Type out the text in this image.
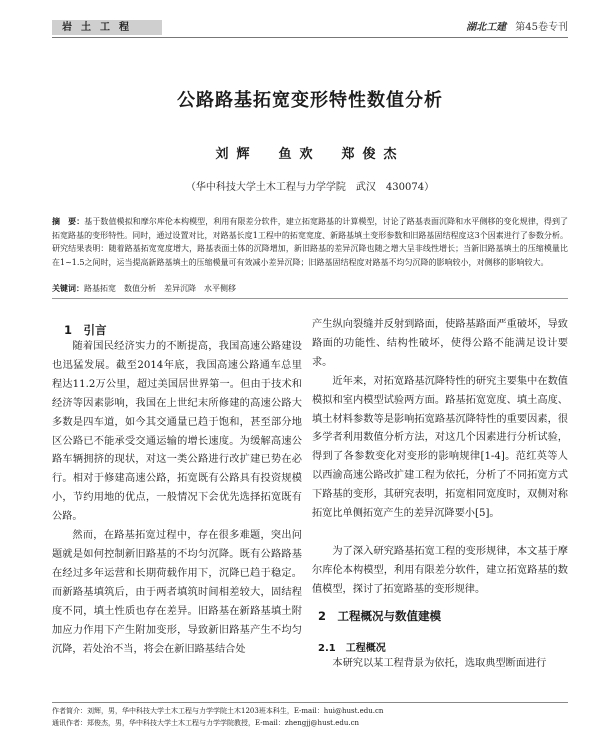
岩土工程	湖北工建 第45卷专刊
公路路基拓宽变形特性数值分析
刘辉　鱼欢　郑俊杰
（华中科技大学土木工程与力学学院　武汉　430074）
摘　要：基于数值模拟和摩尔库伦本构模型，利用有限差分软件，建立拓宽路基的计算模型，讨论了路基表面沉降和水平侧移的变化规律，得到了拓宽路基的变形特性。同时，通过设置对比，对路基长度1工程中的拓宽宽度、新路基填土变形参数和旧路基固结程度这3个因素进行了参数分析。研究结果表明：随着路基拓宽宽度增大，路基表面土体的沉降增加，新旧路基的差异沉降也随之增大呈非线性增长；当新旧路基填土的压缩模量比在1~1.5之间时，运当提高新路基填土的压缩模量可有效减小差异沉降；旧路基固结程度对路基不均匀沉降的影响较小，对侧移的影响较大。
关键词：路基拓宽　数值分析　差异沉降　水平侧移
1　引言

随着国民经济实力的不断提高，我国高速公路建设也迅猛发展。截至2014年底，我国高速公路通车总里程达11.2万公里，超过美国居世界第一。但由于技术和经济等因素影响，我国在上世纪末所修建的高速公路大多数是四车道，如今其交通量已趋于饱和，甚至部分地区公路已不能承受交通运输的增长速度。为缓解高速公路车辆拥挤的现状，对这一类公路进行改扩建已势在必行。相对于修建高速公路，拓宽既有公路具有投资规模小，节约用地的优点，一般情况下会优先选择拓宽既有公路。

然而，在路基拓宽过程中，存在很多难题，突出问题就是如何控制新旧路基的不均匀沉降。既有公路路基在经过多年运营和长期荷载作用下，沉降已趋于稳定。而新路基填筑后，由于两者填筑时间相差较大，固结程度不同，填土性质也存在差异。旧路基在新路基填土附加应力作用下产生附加变形，导致新旧路基产生不均匀沉降，若处治不当，将会在新旧路基结合处

产生纵向裂缝并反射到路面，使路基路面严重破坏，导致路面的功能性、结构性破坏，使得公路不能满足设计要求。

近年来，对拓宽路基沉降特性的研究主要集中在数值模拟和室内模型试验两方面。路基拓宽宽度、填土高度、填土材料参数等是影响拓宽路基沉降特性的重要因素，很多学者利用数值分析方法，对这几个因素进行分析试验，得到了各参数变化对变形的影响规律[1-4]。范红英等人以西渝高速公路改扩建工程为依托，分析了不同拓宽方式下路基的变形，其研究表明，拓宽相同宽度时，双侧对称拓宽比单侧拓宽产生的差异沉降要小[5]。

为了深入研究路基拓宽工程的变形规律，本文基于摩尔库伦本构模型，利用有限差分软件，建立拓宽路基的数值模型，探讨了拓宽路基的变形规律。

2　工程概况与数值建模
2.1　工程概况

本研究以某工程背景为依托，选取典型断面进行

作者简介：刘辉，男，华中科技大学土木工程与力学学院土木1203班本科生，E-mail：hui@hust.edu.cn
通讯作者：郑俊杰，男，华中科技大学土木工程与力学学院教授，E-mail：zhengjj@hust.edu.cn
